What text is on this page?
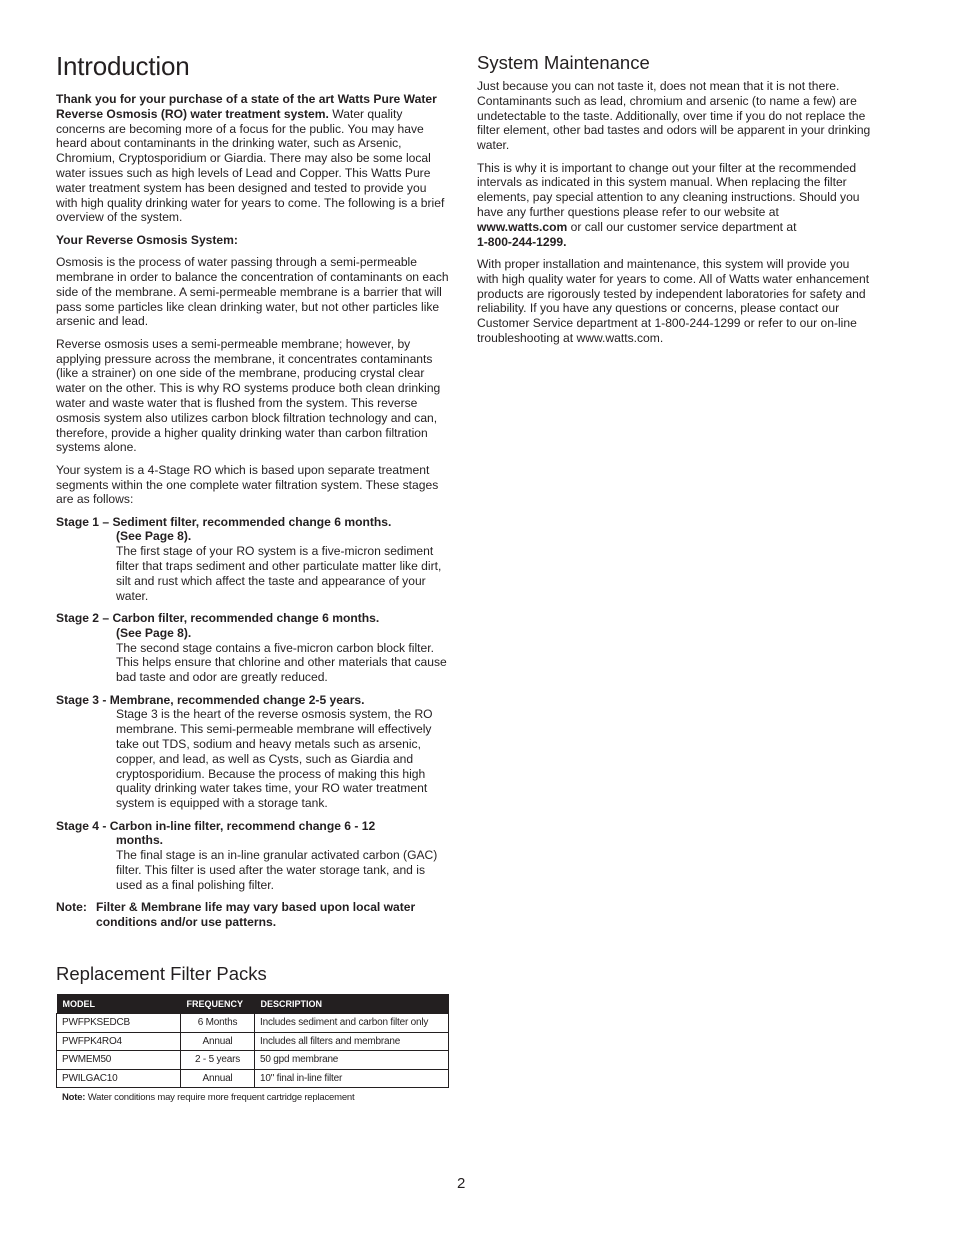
Introduction

Thank you for your purchase of a state of the art Watts Pure Water Reverse Osmosis (RO) water treatment system. Water quality concerns are becoming more of a focus for the public. You may have heard about contaminants in the drinking water, such as Arsenic, Chromium, Cryptosporidium or Giardia. There may also be some local water issues such as high levels of Lead and Copper. This Watts Pure water treatment system has been designed and tested to provide you with high quality drinking water for years to come. The following is a brief overview of the system.

Your Reverse Osmosis System:

Osmosis is the process of water passing through a semi-permeable membrane in order to balance the concentration of contaminants on each side of the membrane. A semi-permeable membrane is a barrier that will pass some particles like clean drinking water, but not other particles like arsenic and lead.

Reverse osmosis uses a semi-permeable membrane; however, by applying pressure across the membrane, it concentrates contaminants (like a strainer) on one side of the membrane, producing crystal clear water on the other. This is why RO systems produce both clean drinking water and waste water that is flushed from the system. This reverse osmosis system also utilizes carbon block filtration technology and can, therefore, provide a higher quality drinking water than carbon filtration systems alone.

Your system is a 4-Stage RO which is based upon separate treatment segments within the one complete water filtration system. These stages are as follows:

Stage 1 – Sediment filter, recommended change 6 months.
(See Page 8).
The first stage of your RO system is a five-micron sediment filter that traps sediment and other particulate matter like dirt, silt and rust which affect the taste and appearance of your water.
Stage 2 – Carbon filter, recommended change 6 months.
(See Page 8).
The second stage contains a five-micron carbon block filter. This helps ensure that chlorine and other materials that cause bad taste and odor are greatly reduced.
Stage 3 - Membrane, recommended change 2-5 years.
Stage 3 is the heart of the reverse osmosis system, the RO membrane. This semi-permeable membrane will effectively take out TDS, sodium and heavy metals such as arsenic, copper, and lead, as well as Cysts, such as Giardia and cryptosporidium. Because the process of making this high quality drinking water takes time, your RO water treatment system is equipped with a storage tank.
Stage 4 - Carbon in-line filter, recommend change 6 - 12
months.
The final stage is an in-line granular activated carbon (GAC) filter. This filter is used after the water storage tank, and is used as a final polishing filter.
Note: Filter & Membrane life may vary based upon local water conditions and/or use patterns.
System Maintenance

Just because you can not taste it, does not mean that it is not there. Contaminants such as lead, chromium and arsenic (to name a few) are undetectable to the taste. Additionally, over time if you do not replace the filter element, other bad tastes and odors will be apparent in your drinking water.

This is why it is important to change out your filter at the recommended intervals as indicated in this system manual. When replacing the filter elements, pay special attention to any cleaning instructions. Should you have any further questions please refer to our website at www.watts.com or call our customer service department at
1-800-244-1299.

With proper installation and maintenance, this system will provide you with high quality water for years to come. All of Watts water enhancement products are rigorously tested by independent laboratories for safety and reliability. If you have any questions or concerns, please contact our Customer Service department at 1-800-244-1299 or refer to our on-line troubleshooting at www.watts.com.

Replacement Filter Packs
MODEL	FREQUENCY	DESCRIPTION
PWFPKSEDCB	6 Months	Includes sediment and carbon filter only
PWFPK4RO4	Annual	Includes all filters and membrane
PWMEM50	2 - 5 years	50 gpd membrane
PWILGAC10	Annual	10" final in-line filter
Note: Water conditions may require more frequent cartridge replacement
2
